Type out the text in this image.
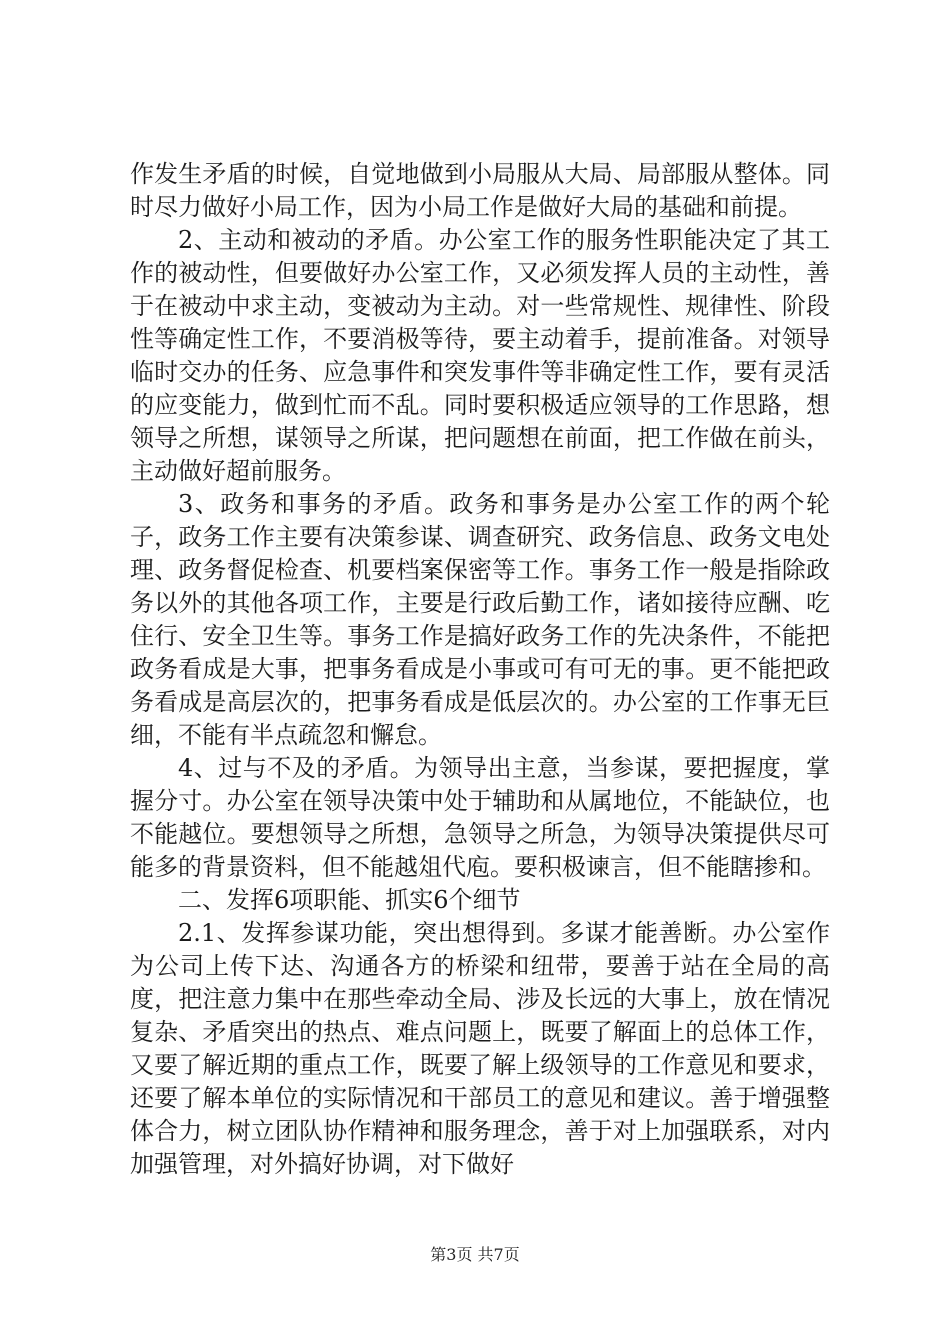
作发生矛盾的时候，自觉地做到小局服从大局、局部服从整体。同时尽力做好小局工作，因为小局工作是做好大局的基础和前提。

2、主动和被动的矛盾。办公室工作的服务性职能决定了其工作的被动性，但要做好办公室工作，又必须发挥人员的主动性，善于在被动中求主动，变被动为主动。对一些常规性、规律性、阶段性等确定性工作，不要消极等待，要主动着手，提前准备。对领导临时交办的任务、应急事件和突发事件等非确定性工作，要有灵活的应变能力，做到忙而不乱。同时要积极适应领导的工作思路，想领导之所想，谋领导之所谋，把问题想在前面，把工作做在前头，主动做好超前服务。

3、政务和事务的矛盾。政务和事务是办公室工作的两个轮子，政务工作主要有决策参谋、调查研究、政务信息、政务文电处理、政务督促检查、机要档案保密等工作。事务工作一般是指除政务以外的其他各项工作，主要是行政后勤工作，诸如接待应酬、吃住行、安全卫生等。事务工作是搞好政务工作的先决条件，不能把政务看成是大事，把事务看成是小事或可有可无的事。更不能把政务看成是高层次的，把事务看成是低层次的。办公室的工作事无巨细，不能有半点疏忽和懈怠。

4、过与不及的矛盾。为领导出主意，当参谋，要把握度，掌握分寸。办公室在领导决策中处于辅助和从属地位，不能缺位，也不能越位。要想领导之所想，急领导之所急，为领导决策提供尽可能多的背景资料，但不能越俎代庖。要积极谏言，但不能瞎掺和。

二、发挥6项职能、抓实6个细节

2.1、发挥参谋功能，突出想得到。多谋才能善断。办公室作为公司上传下达、沟通各方的桥梁和纽带，要善于站在全局的高度，把注意力集中在那些牵动全局、涉及长远的大事上，放在情况复杂、矛盾突出的热点、难点问题上，既要了解面上的总体工作，又要了解近期的重点工作，既要了解上级领导的工作意见和要求，还要了解本单位的实际情况和干部员工的意见和建议。善于增强整体合力，树立团队协作精神和服务理念，善于对上加强联系，对内加强管理，对外搞好协调，对下做好

第3页 共7页
